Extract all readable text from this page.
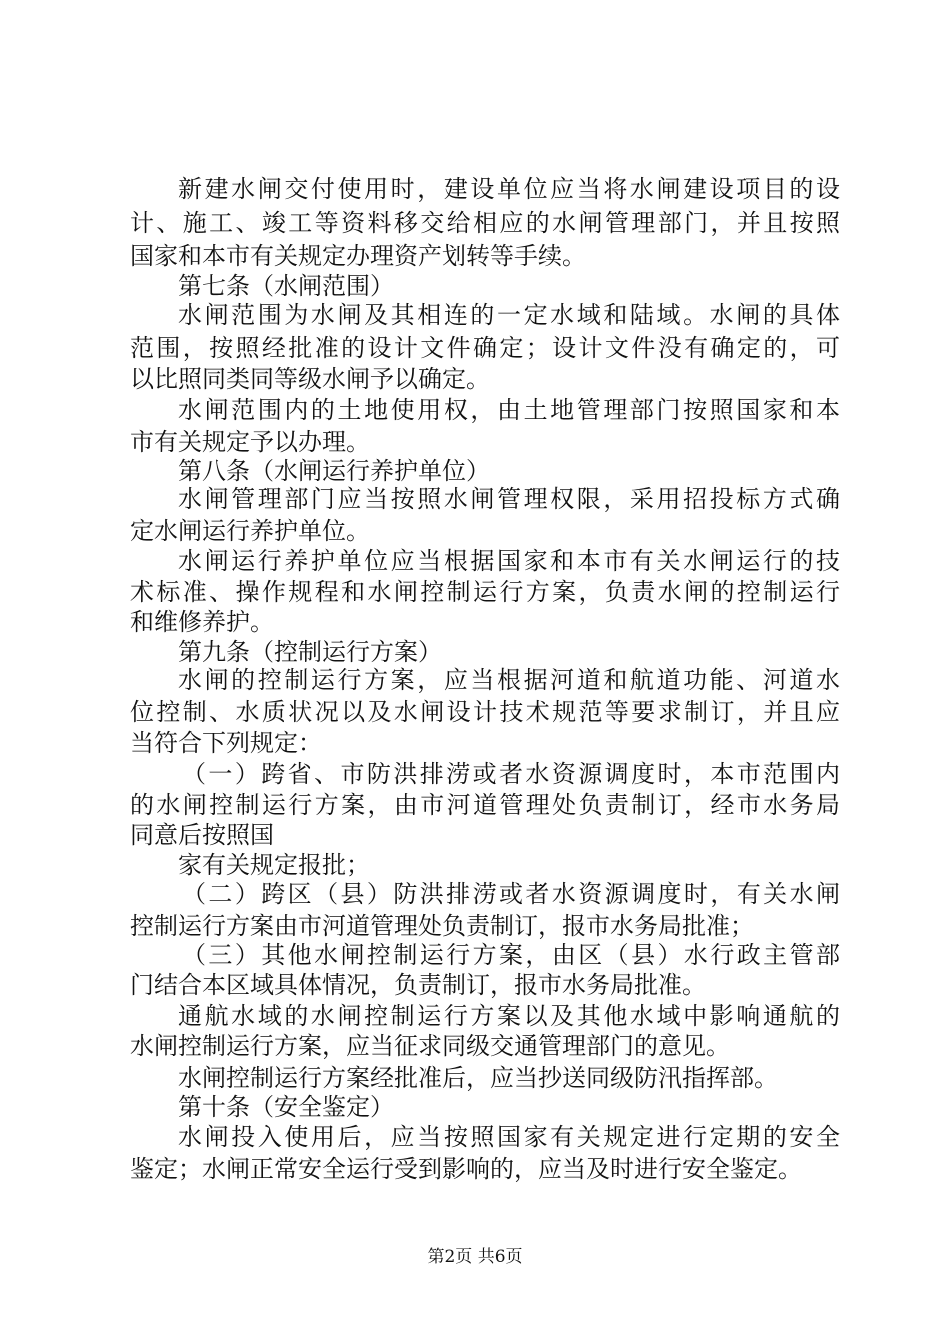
新建水闸交付使用时，建设单位应当将水闸建设项目的设
计、施工、竣工等资料移交给相应的水闸管理部门，并且按照
国家和本市有关规定办理资产划转等手续。
第七条（水闸范围）
水闸范围为水闸及其相连的一定水域和陆域。水闸的具体
范围，按照经批准的设计文件确定；设计文件没有确定的，可
以比照同类同等级水闸予以确定。
水闸范围内的土地使用权，由土地管理部门按照国家和本
市有关规定予以办理。
第八条（水闸运行养护单位）
水闸管理部门应当按照水闸管理权限，采用招投标方式确
定水闸运行养护单位。
水闸运行养护单位应当根据国家和本市有关水闸运行的技
术标准、操作规程和水闸控制运行方案，负责水闸的控制运行
和维修养护。
第九条（控制运行方案）
水闸的控制运行方案，应当根据河道和航道功能、河道水
位控制、水质状况以及水闸设计技术规范等要求制订，并且应
当符合下列规定：
（一）跨省、市防洪排涝或者水资源调度时，本市范围内
的水闸控制运行方案，由市河道管理处负责制订，经市水务局
同意后按照国
家有关规定报批；
（二）跨区（县）防洪排涝或者水资源调度时，有关水闸
控制运行方案由市河道管理处负责制订，报市水务局批准；
（三）其他水闸控制运行方案，由区（县）水行政主管部
门结合本区域具体情况，负责制订，报市水务局批准。
通航水域的水闸控制运行方案以及其他水域中影响通航的
水闸控制运行方案，应当征求同级交通管理部门的意见。
水闸控制运行方案经批准后，应当抄送同级防汛指挥部。
第十条（安全鉴定）
水闸投入使用后，应当按照国家有关规定进行定期的安全
鉴定；水闸正常安全运行受到影响的，应当及时进行安全鉴定。
第2页 共6页
